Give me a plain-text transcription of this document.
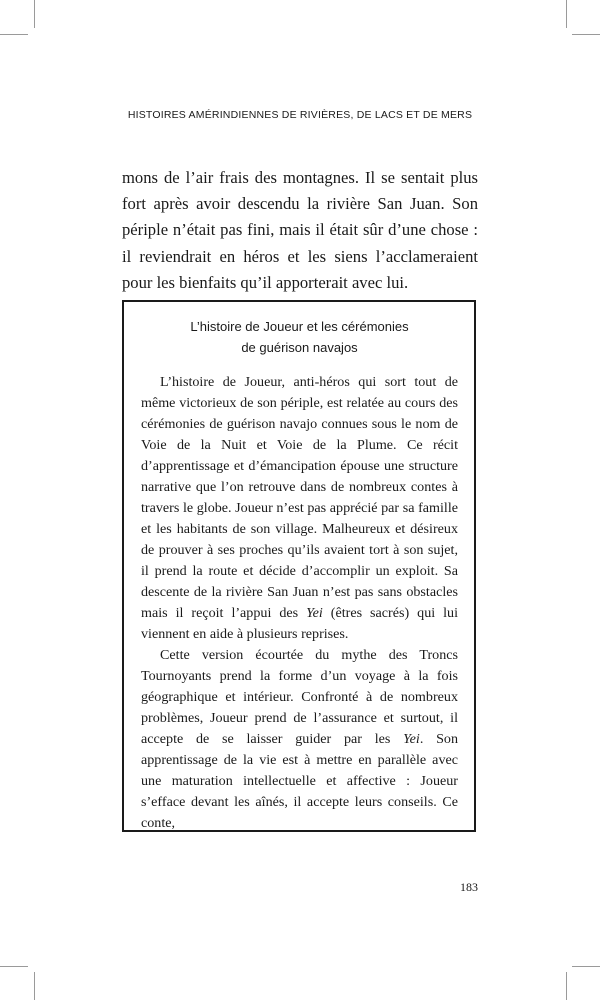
HISTOIRES AMÉRINDIENNES DE RIVIÈRES, DE LACS ET DE MERS

mons de l’air frais des montagnes. Il se sentait plus fort après avoir descendu la rivière San Juan. Son périple n’était pas fini, mais il était sûr d’une chose : il reviendrait en héros et les siens l’acclameraient pour les bienfaits qu’il apporterait avec lui.

L’histoire de Joueur et les cérémonies
de guérison navajos

L’histoire de Joueur, anti-héros qui sort tout de même victorieux de son périple, est relatée au cours des cérémonies de guérison navajo connues sous le nom de Voie de la Nuit et Voie de la Plume. Ce récit d’apprentissage et d’émancipation épouse une structure narrative que l’on retrouve dans de nombreux contes à travers le globe. Joueur n’est pas apprécié par sa famille et les habitants de son village. Malheureux et désireux de prouver à ses proches qu’ils avaient tort à son sujet, il prend la route et décide d’accomplir un exploit. Sa descente de la rivière San Juan n’est pas sans obstacles mais il reçoit l’appui des Yei (êtres sacrés) qui lui viennent en aide à plusieurs reprises.

Cette version écourtée du mythe des Troncs Tournoyants prend la forme d’un voyage à la fois géographique et intérieur. Confronté à de nombreux problèmes, Joueur prend de l’assurance et surtout, il accepte de se laisser guider par les Yei. Son apprentissage de la vie est à mettre en parallèle avec une maturation intellectuelle et affective : Joueur s’efface devant les aînés, il accepte leurs conseils. Ce conte,

183
